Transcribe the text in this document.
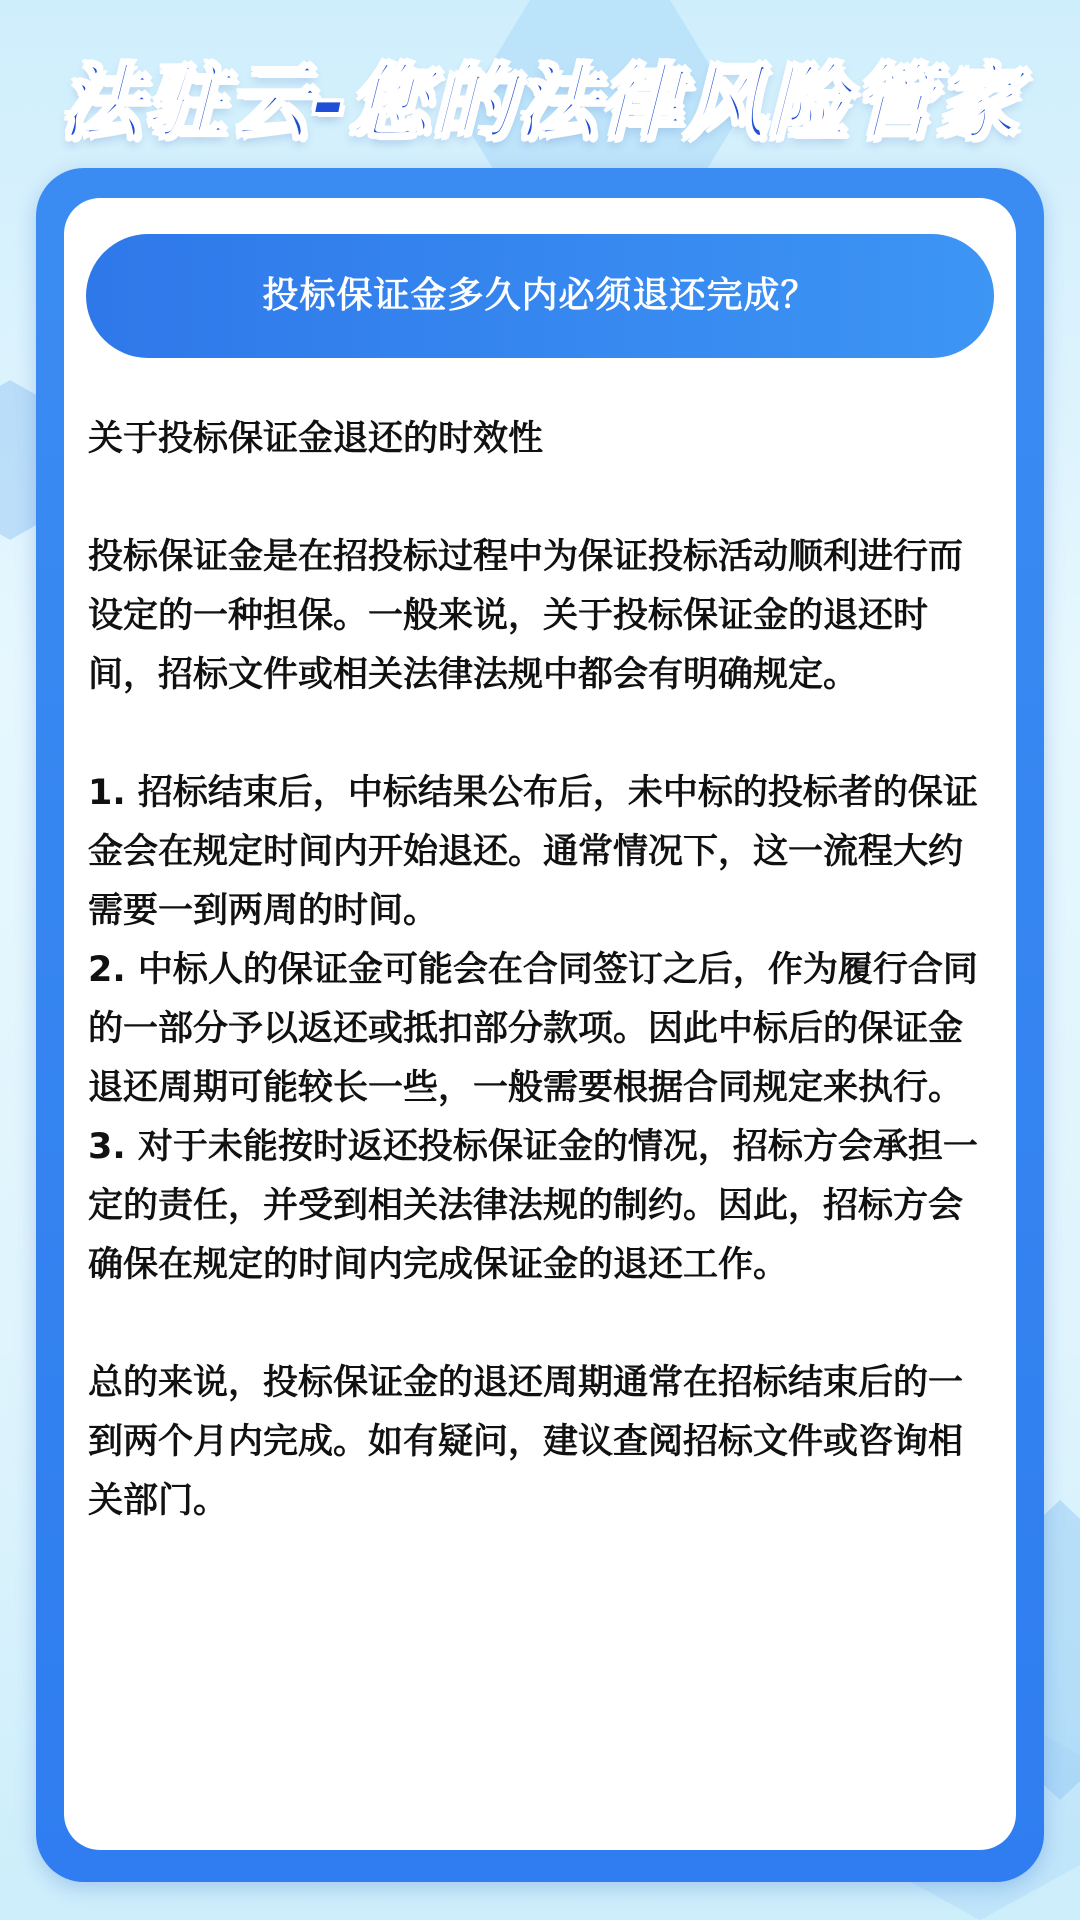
法驻云-您的法律风险管家
投标保证金多久内必须退还完成？

关于投标保证金退还的时效性

投标保证金是在招投标过程中为保证投标活动顺利进行而设定的一种担保。一般来说，关于投标保证金的退还时间，招标文件或相关法律法规中都会有明确规定。

1. 招标结束后，中标结果公布后，未中标的投标者的保证金会在规定时间内开始退还。通常情况下，这一流程大约需要一到两周的时间。

2. 中标人的保证金可能会在合同签订之后，作为履行合同的一部分予以返还或抵扣部分款项。因此中标后的保证金退还周期可能较长一些，一般需要根据合同规定来执行。

3. 对于未能按时返还投标保证金的情况，招标方会承担一定的责任，并受到相关法律法规的制约。因此，招标方会确保在规定的时间内完成保证金的退还工作。

总的来说，投标保证金的退还周期通常在招标结束后的一到两个月内完成。如有疑问，建议查阅招标文件或咨询相关部门。
